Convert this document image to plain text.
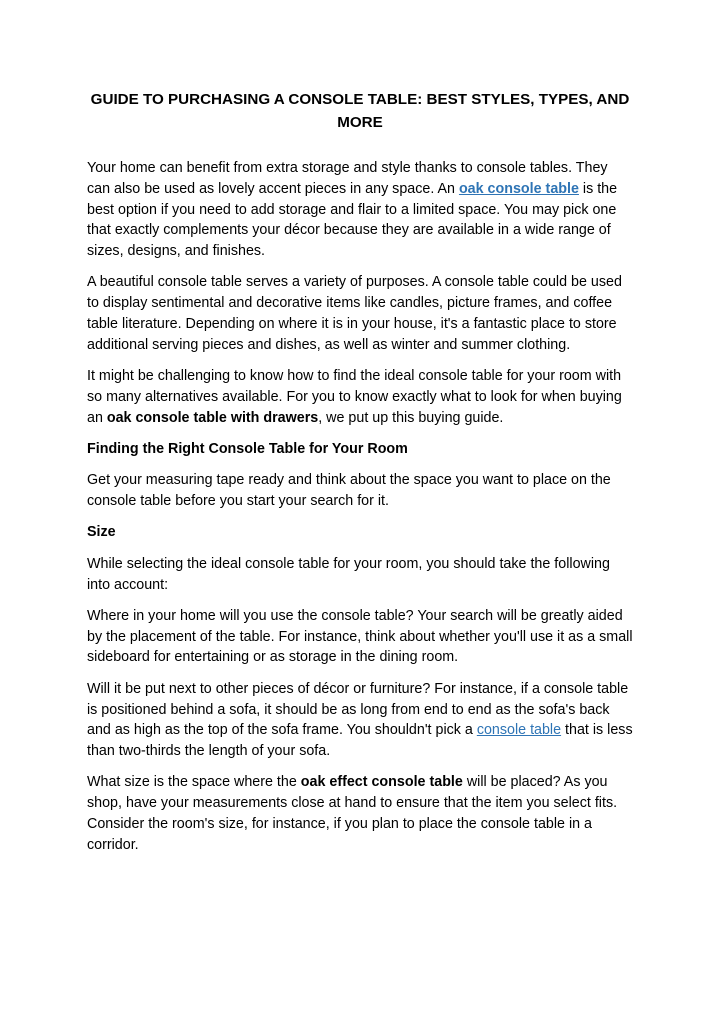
GUIDE TO PURCHASING A CONSOLE TABLE: BEST STYLES, TYPES, AND MORE

Your home can benefit from extra storage and style thanks to console tables. They can also be used as lovely accent pieces in any space. An oak console table is the best option if you need to add storage and flair to a limited space. You may pick one that exactly complements your décor because they are available in a wide range of sizes, designs, and finishes.

A beautiful console table serves a variety of purposes. A console table could be used to display sentimental and decorative items like candles, picture frames, and coffee table literature. Depending on where it is in your house, it's a fantastic place to store additional serving pieces and dishes, as well as winter and summer clothing.

It might be challenging to know how to find the ideal console table for your room with so many alternatives available. For you to know exactly what to look for when buying an oak console table with drawers, we put up this buying guide.

Finding the Right Console Table for Your Room

Get your measuring tape ready and think about the space you want to place on the console table before you start your search for it.

Size

While selecting the ideal console table for your room, you should take the following into account:

Where in your home will you use the console table? Your search will be greatly aided by the placement of the table. For instance, think about whether you'll use it as a small sideboard for entertaining or as storage in the dining room.

Will it be put next to other pieces of décor or furniture? For instance, if a console table is positioned behind a sofa, it should be as long from end to end as the sofa's back and as high as the top of the sofa frame. You shouldn't pick a console table that is less than two-thirds the length of your sofa.

What size is the space where the oak effect console table will be placed? As you shop, have your measurements close at hand to ensure that the item you select fits. Consider the room's size, for instance, if you plan to place the console table in a corridor.
